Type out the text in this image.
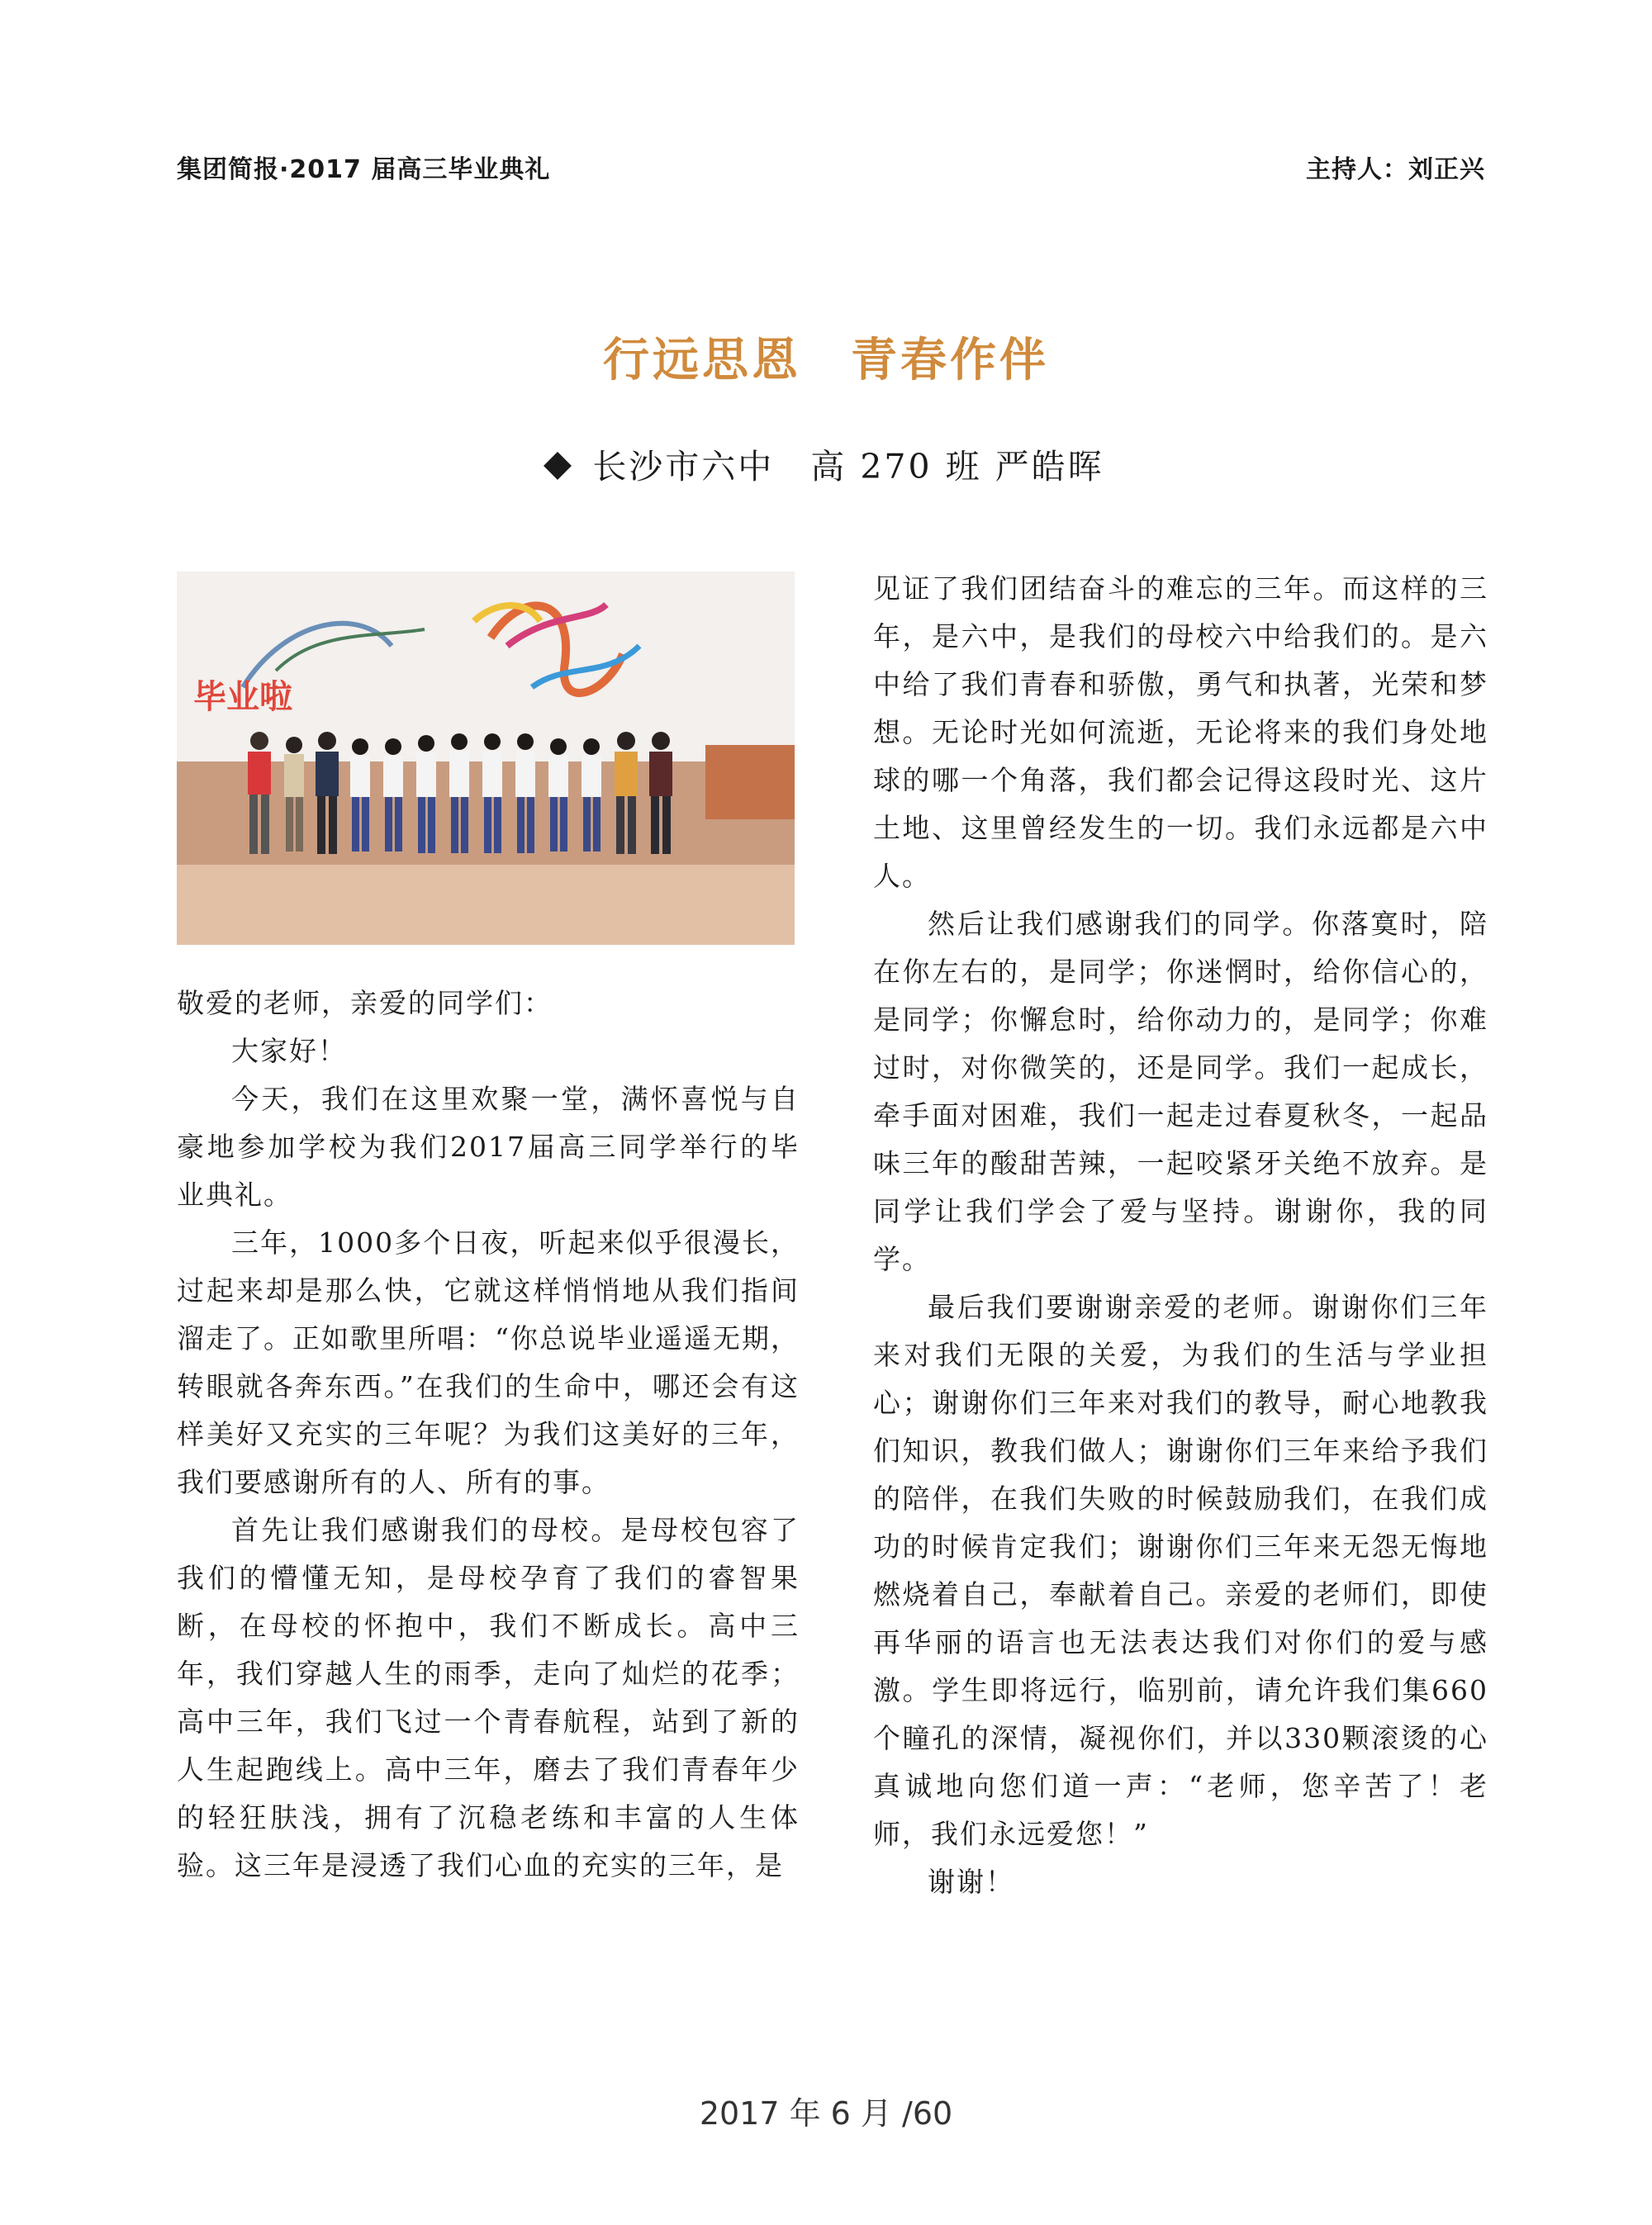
集团简报·2017 届高三毕业典礼	主持人：刘正兴
行远思恩　青春作伴
长沙市六中　高 270 班 严皓晖
毕业啦

敬爱的老师，亲爱的同学们：

大家好！

今天，我们在这里欢聚一堂，满怀喜悦与自豪地参加学校为我们2017届高三同学举行的毕业典礼。

三年，1000多个日夜，听起来似乎很漫长，过起来却是那么快，它就这样悄悄地从我们指间溜走了。正如歌里所唱：“你总说毕业遥遥无期，转眼就各奔东西。”在我们的生命中，哪还会有这样美好又充实的三年呢？为我们这美好的三年，我们要感谢所有的人、所有的事。

首先让我们感谢我们的母校。是母校包容了我们的懵懂无知，是母校孕育了我们的睿智果断，在母校的怀抱中，我们不断成长。高中三年，我们穿越人生的雨季，走向了灿烂的花季；高中三年，我们飞过一个青春航程，站到了新的人生起跑线上。高中三年，磨去了我们青春年少的轻狂肤浅，拥有了沉稳老练和丰富的人生体验。这三年是浸透了我们心血的充实的三年，是

见证了我们团结奋斗的难忘的三年。而这样的三年，是六中，是我们的母校六中给我们的。是六中给了我们青春和骄傲，勇气和执著，光荣和梦想。无论时光如何流逝，无论将来的我们身处地球的哪一个角落，我们都会记得这段时光、这片土地、这里曾经发生的一切。我们永远都是六中人。

然后让我们感谢我们的同学。你落寞时，陪在你左右的，是同学；你迷惘时，给你信心的，是同学；你懈怠时，给你动力的，是同学；你难过时，对你微笑的，还是同学。我们一起成长，牵手面对困难，我们一起走过春夏秋冬，一起品味三年的酸甜苦辣，一起咬紧牙关绝不放弃。是同学让我们学会了爱与坚持。谢谢你，我的同学。

最后我们要谢谢亲爱的老师。谢谢你们三年来对我们无限的关爱，为我们的生活与学业担心；谢谢你们三年来对我们的教导，耐心地教我们知识，教我们做人；谢谢你们三年来给予我们的陪伴，在我们失败的时候鼓励我们，在我们成功的时候肯定我们；谢谢你们三年来无怨无悔地燃烧着自己，奉献着自己。亲爱的老师们，即使再华丽的语言也无法表达我们对你们的爱与感激。学生即将远行，临别前，请允许我们集660个瞳孔的深情，凝视你们，并以330颗滚烫的心真诚地向您们道一声：“老师，您辛苦了！老师，我们永远爱您！”

谢谢！

2017 年 6 月 /60
